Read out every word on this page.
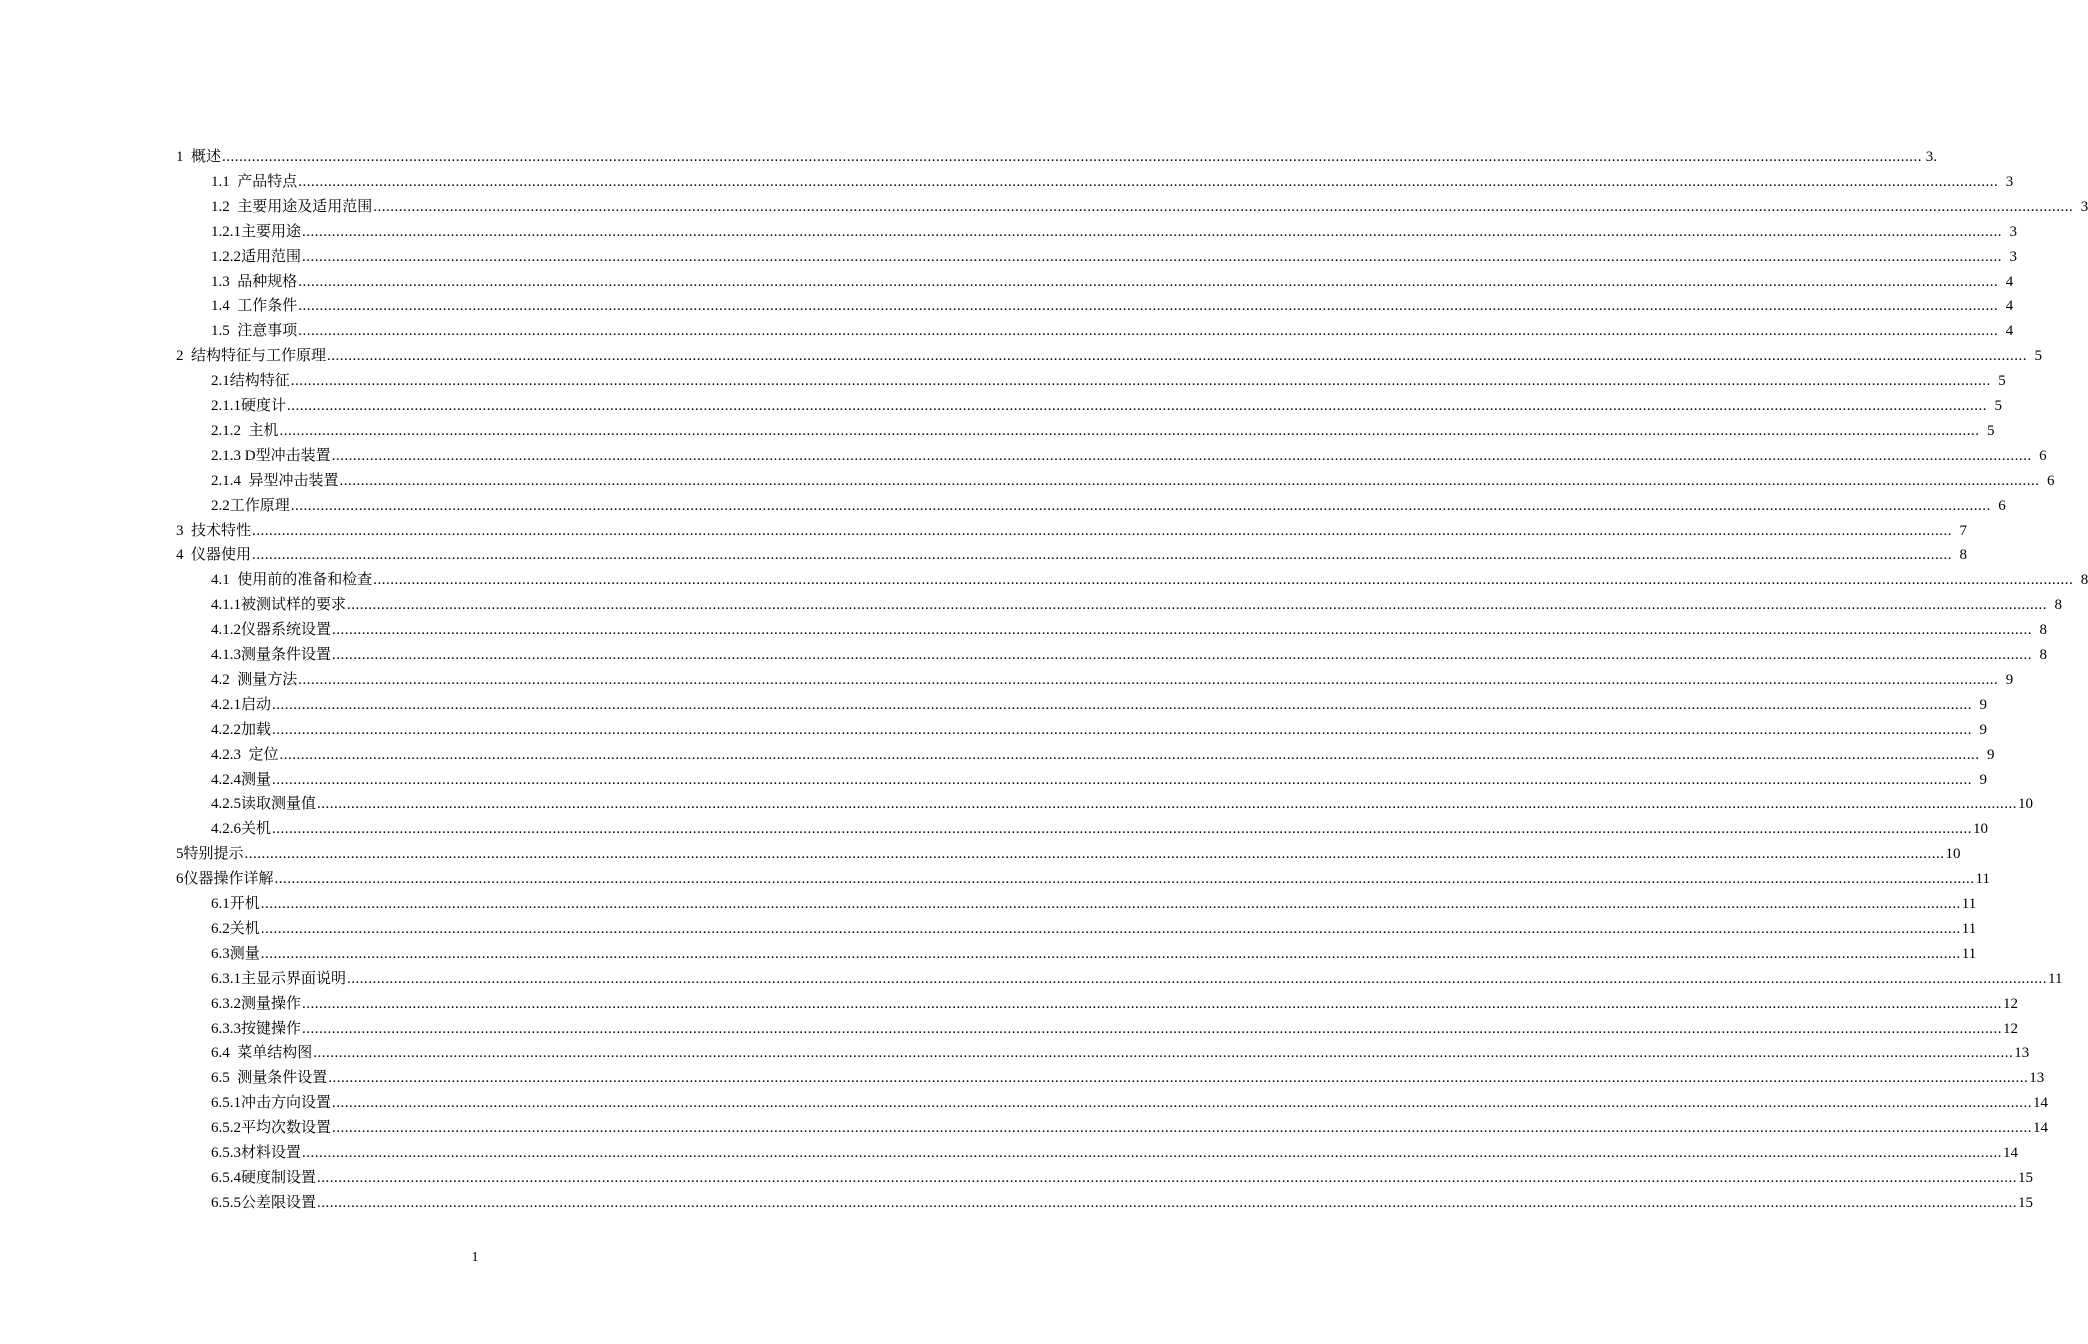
1  概述 ................................................................................................................................................................................................................................................................................................................................................................................................................ 3.
1.1  产品特点 ................................................................................................................................................................................................................................................................................................................................................................................................................ 3
1.2  主要用途及适用范围 ................................................................................................................................................................................................................................................................................................................................................................................................................ 3
1.2.1主要用途 ................................................................................................................................................................................................................................................................................................................................................................................................................ 3
1.2.2适用范围 ................................................................................................................................................................................................................................................................................................................................................................................................................ 3
1.3  品种规格 ................................................................................................................................................................................................................................................................................................................................................................................................................ 4
1.4  工作条件 ................................................................................................................................................................................................................................................................................................................................................................................................................ 4
1.5  注意事项 ................................................................................................................................................................................................................................................................................................................................................................................................................ 4
2  结构特征与工作原理 ................................................................................................................................................................................................................................................................................................................................................................................................................ 5
2.1结构特征 ................................................................................................................................................................................................................................................................................................................................................................................................................ 5
2.1.1硬度计 ................................................................................................................................................................................................................................................................................................................................................................................................................ 5
2.1.2  主机 ................................................................................................................................................................................................................................................................................................................................................................................................................ 5
2.1.3 D型冲击装置 ................................................................................................................................................................................................................................................................................................................................................................................................................ 6
2.1.4  异型冲击装置 ................................................................................................................................................................................................................................................................................................................................................................................................................ 6
2.2工作原理 ................................................................................................................................................................................................................................................................................................................................................................................................................ 6
3  技术特性 ................................................................................................................................................................................................................................................................................................................................................................................................................ 7
4  仪器使用 ................................................................................................................................................................................................................................................................................................................................................................................................................ 8
4.1  使用前的准备和检查 ................................................................................................................................................................................................................................................................................................................................................................................................................ 8
4.1.1被测试样的要求 ................................................................................................................................................................................................................................................................................................................................................................................................................ 8
4.1.2仪器系统设置 ................................................................................................................................................................................................................................................................................................................................................................................................................ 8
4.1.3测量条件设置 ................................................................................................................................................................................................................................................................................................................................................................................................................ 8
4.2  测量方法 ................................................................................................................................................................................................................................................................................................................................................................................................................ 9
4.2.1启动 ................................................................................................................................................................................................................................................................................................................................................................................................................ 9
4.2.2加载 ................................................................................................................................................................................................................................................................................................................................................................................................................ 9
4.2.3  定位 ................................................................................................................................................................................................................................................................................................................................................................................................................ 9
4.2.4测量 ................................................................................................................................................................................................................................................................................................................................................................................................................ 9
4.2.5读取测量值 ................................................................................................................................................................................................................................................................................................................................................................................................................ 10
4.2.6关机 ................................................................................................................................................................................................................................................................................................................................................................................................................ 10
5特别提示 ................................................................................................................................................................................................................................................................................................................................................................................................................ 10
6仪器操作详解 ................................................................................................................................................................................................................................................................................................................................................................................................................ 11
6.1开机 ................................................................................................................................................................................................................................................................................................................................................................................................................ 11
6.2关机 ................................................................................................................................................................................................................................................................................................................................................................................................................ 11
6.3测量 ................................................................................................................................................................................................................................................................................................................................................................................................................ 11
6.3.1主显示界面说明 ................................................................................................................................................................................................................................................................................................................................................................................................................ 11
6.3.2测量操作 ................................................................................................................................................................................................................................................................................................................................................................................................................ 12
6.3.3按键操作 ................................................................................................................................................................................................................................................................................................................................................................................................................ 12
6.4  菜单结构图 ................................................................................................................................................................................................................................................................................................................................................................................................................ 13
6.5  测量条件设置 ................................................................................................................................................................................................................................................................................................................................................................................................................ 13
6.5.1冲击方向设置 ................................................................................................................................................................................................................................................................................................................................................................................................................ 14
6.5.2平均次数设置 ................................................................................................................................................................................................................................................................................................................................................................................................................ 14
6.5.3材料设置 ................................................................................................................................................................................................................................................................................................................................................................................................................ 14
6.5.4硬度制设置 ................................................................................................................................................................................................................................................................................................................................................................................................................ 15
6.5.5公差限设置 ................................................................................................................................................................................................................................................................................................................................................................................................................ 15
1
